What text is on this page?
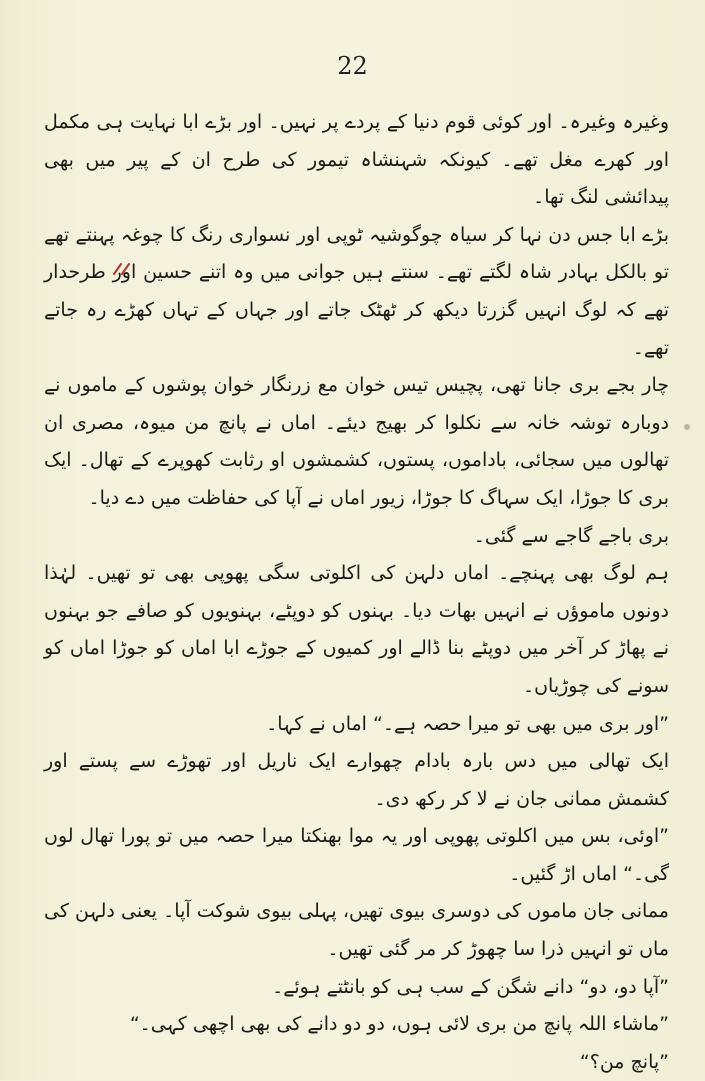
22

وغیرہ وغیرہ۔ اور کوئی قوم دنیا کے پردے پر نہیں۔ اور بڑے ابا نہایت ہی مکمل اور کھرے مغل تھے۔ کیونکہ شہنشاہ تیمور کی طرح ان کے پیر میں بھی پیدائشی لنگ تھا۔

بڑے ابا جس دن نہا کر سیاہ چوگوشیہ ٹوپی اور نسواری رنگ کا چوغہ پہنتے تھے تو بالکل بہادر شاہ لگتے تھے۔ سنتے ہیں جوانی میں وہ اتنے حسین اور طرحدار تھے کہ لوگ انہیں گزرتا دیکھ کر ٹھٹک جاتے اور جہاں کے تہاں کھڑے رہ جاتے تھے۔

چار بجے بری جانا تھی، پچیس تیس خوان مع زرنگار خوان پوشوں کے ماموں نے دوبارہ توشہ خانہ سے نکلوا کر بھیج دیئے۔ اماں نے پانچ من میوہ، مصری ان تھالوں میں سجائی، باداموں، پستوں، کشمشوں او رثابت کھوپرے کے تھال۔ ایک بری کا جوڑا، ایک سہاگ کا جوڑا، زیور اماں نے آپا کی حفاظت میں دے دیا۔

بری باجے گاجے سے گئی۔

ہم لوگ بھی پہنچے۔ اماں دلہن کی اکلوتی سگی پھوپی بھی تو تھیں۔ لہٰذا دونوں ماموؤں نے انہیں بھات دیا۔ بہنوں کو دوپٹے، بہنویوں کو صافے جو بہنوں نے پھاڑ کر آخر میں دوپٹے بنا ڈالے اور کمیوں کے جوڑے ابا اماں کو جوڑا اماں کو سونے کی چوڑیاں۔

”اور بری میں بھی تو میرا حصہ ہے۔“ اماں نے کہا۔

ایک تھالی میں دس بارہ بادام چھوارے ایک ناریل اور تھوڑے سے پستے اور کشمش ممانی جان نے لا کر رکھ دی۔

”اوئی، بس میں اکلوتی پھوپی اور یہ موا بھنکتا میرا حصہ میں تو پورا تھال لوں گی۔“ اماں اڑ گئیں۔

ممانی جان ماموں کی دوسری بیوی تھیں، پہلی بیوی شوکت آپا۔ یعنی دلہن کی ماں تو انہیں ذرا سا چھوڑ کر مر گئی تھیں۔

”آپا دو، دو“ دانے شگن کے سب ہی کو بانٹتے ہوئے۔

”ماشاء اللہ پانچ من بری لائی ہوں، دو دو دانے کی بھی اچھی کہی۔“

”پانچ من؟“
